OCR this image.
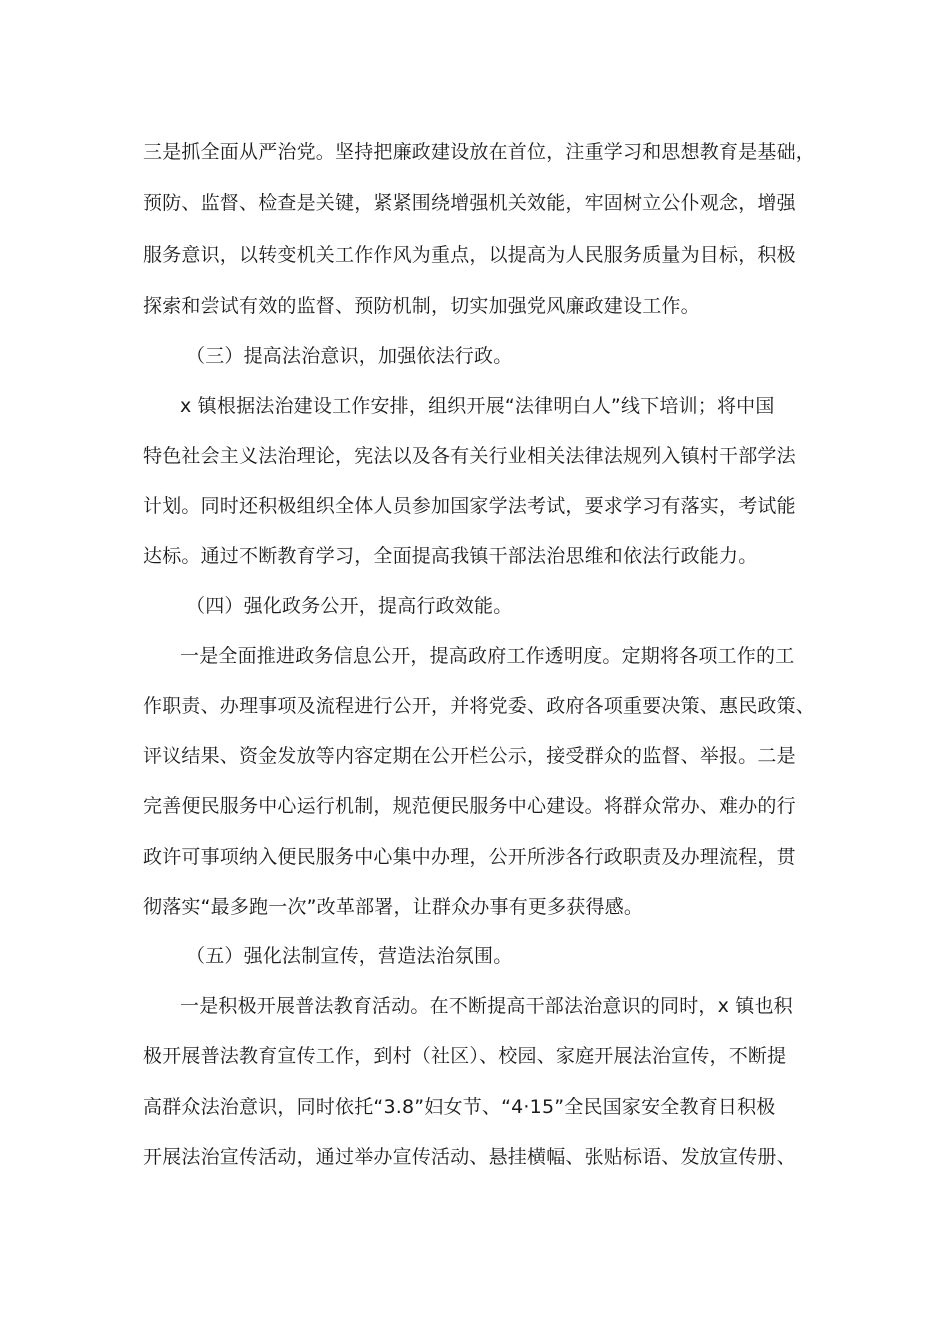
三是抓全面从严治党。坚持把廉政建设放在首位，注重学习和思想教育是基础，
预防、监督、检查是关键，紧紧围绕增强机关效能，牢固树立公仆观念，增强
服务意识，以转变机关工作作风为重点，以提高为人民服务质量为目标，积极
探索和尝试有效的监督、预防机制，切实加强党风廉政建设工作。
（三）提高法治意识，加强依法行政。
x 镇根据法治建设工作安排，组织开展“法律明白人”线下培训；将中国
特色社会主义法治理论，宪法以及各有关行业相关法律法规列入镇村干部学法
计划。同时还积极组织全体人员参加国家学法考试，要求学习有落实，考试能
达标。通过不断教育学习，全面提高我镇干部法治思维和依法行政能力。
（四）强化政务公开，提高行政效能。
一是全面推进政务信息公开，提高政府工作透明度。定期将各项工作的工
作职责、办理事项及流程进行公开，并将党委、政府各项重要决策、惠民政策、
评议结果、资金发放等内容定期在公开栏公示，接受群众的监督、举报。二是
完善便民服务中心运行机制，规范便民服务中心建设。将群众常办、难办的行
政许可事项纳入便民服务中心集中办理，公开所涉各行政职责及办理流程，贯
彻落实“最多跑一次”改革部署，让群众办事有更多获得感。
（五）强化法制宣传，营造法治氛围。
一是积极开展普法教育活动。在不断提高干部法治意识的同时，x 镇也积
极开展普法教育宣传工作，到村（社区）、校园、家庭开展法治宣传，不断提
高群众法治意识，同时依托“3.8”妇女节、“4·15”全民国家安全教育日积极
开展法治宣传活动，通过举办宣传活动、悬挂横幅、张贴标语、发放宣传册、
